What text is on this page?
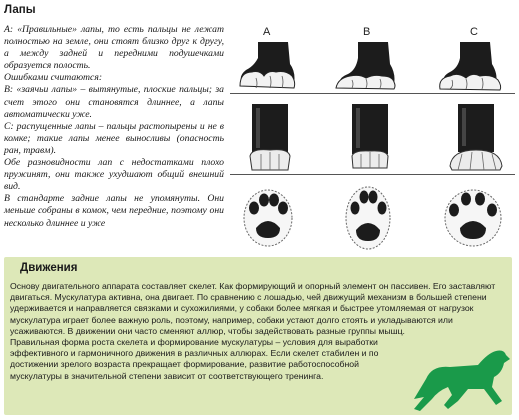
Лапы

А: «Правильные» лапы, то есть пальцы не лежат полностью на земле, они стоят близко друг к другу, а между задней и передними подушечками образуется полость.

Ошибками считаются:

В: «заячьи лапы» – вытянутые, плоские пальцы; за счет этого они становятся длиннее, а лапы автоматически уже.

С: распущенные лапы – пальцы растопырены и не в комке; такие лапы менее выносливы (опасность ран, травм).

Обе разновидности лап с недостатками плохо пружинят, они также ухудшают общий внешний вид.

В стандарте задние лапы не упомянуты. Они меньше собраны в комок, чем передние, поэтому они несколько длиннее и уже

A	B	C
Движения

Основу двигательного аппарата составляет скелет. Как формирующий и опорный элемент он пассивен. Его заставляют двигаться. Мускулатура активна, она двигает. По сравнению с лошадью, чей движущий механизм в большей степени удерживается и направляется связками и сухожилиями, у собаки более мягкая и быстрее утомляемая от нагрузок мускулатура играет более важную роль, поэтому, например, собаки устают долго стоять и укладываются или усаживаются. В движении они часто сменяют аллюр, чтобы задействовать разные группы мышц.

Правильная форма роста скелета и формирование мускулатуры – условия для выработки эффективного и гармоничного движения в различных аллюрах. Если скелет стабилен и по достижении зрелого возраста прекращает формирование, развитие работоспособной мускулатуры в значительной степени зависит от соответствующего тренинга.
